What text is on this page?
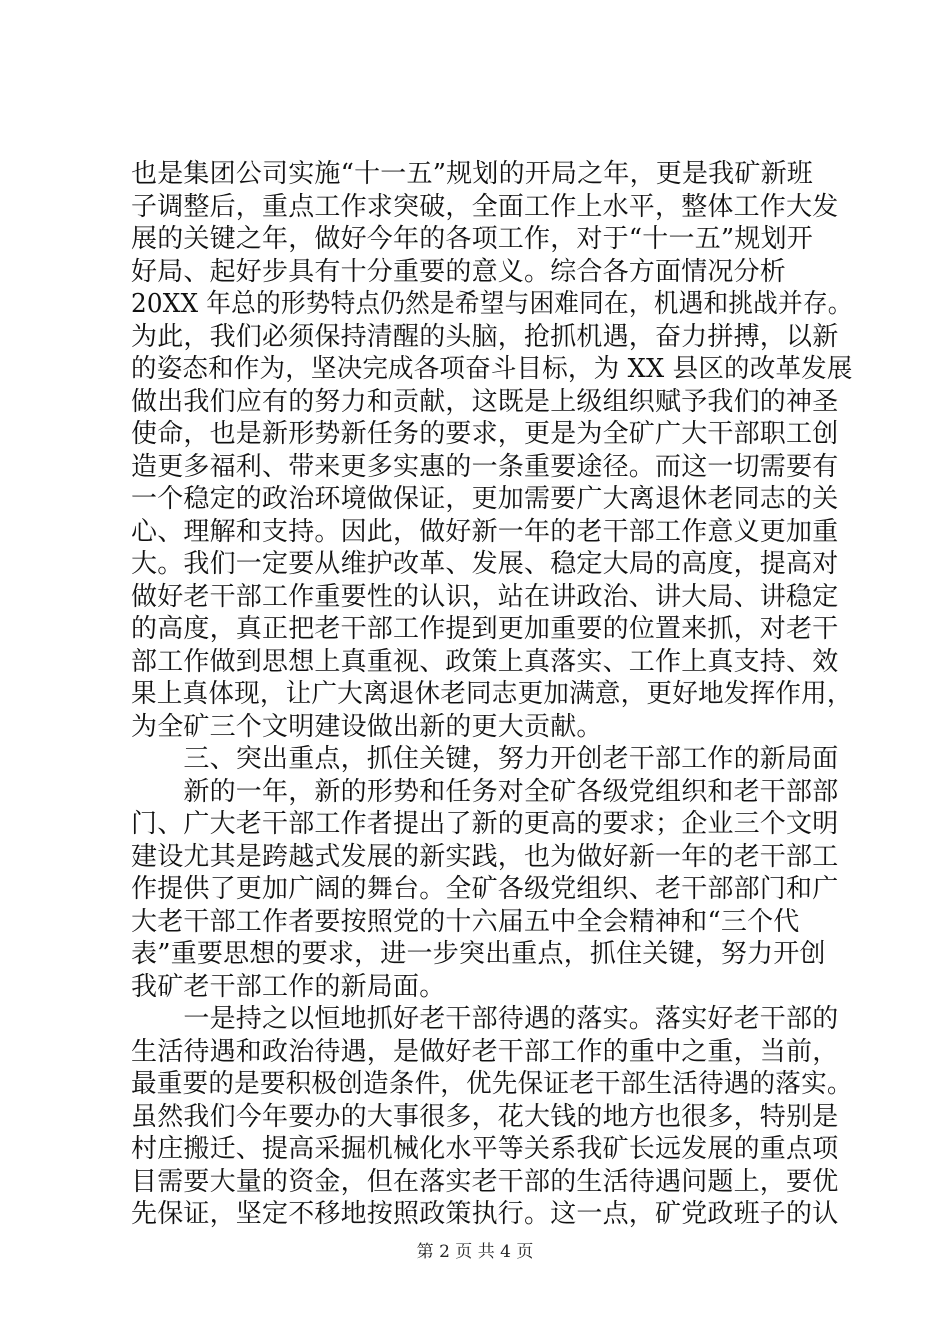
也是集团公司实施“十一五”规划的开局之年，更是我矿新班
子调整后，重点工作求突破，全面工作上水平，整体工作大发
展的关键之年，做好今年的各项工作，对于“十一五”规划开
好局、起好步具有十分重要的意义。综合各方面情况分析
20XX 年总的形势特点仍然是希望与困难同在，机遇和挑战并存。
为此，我们必须保持清醒的头脑，抢抓机遇，奋力拼搏，以新
的姿态和作为，坚决完成各项奋斗目标，为 XX 县区的改革发展
做出我们应有的努力和贡献，这既是上级组织赋予我们的神圣
使命，也是新形势新任务的要求，更是为全矿广大干部职工创
造更多福利、带来更多实惠的一条重要途径。而这一切需要有
一个稳定的政治环境做保证，更加需要广大离退休老同志的关
心、理解和支持。因此，做好新一年的老干部工作意义更加重
大。我们一定要从维护改革、发展、稳定大局的高度，提高对
做好老干部工作重要性的认识，站在讲政治、讲大局、讲稳定
的高度，真正把老干部工作提到更加重要的位置来抓，对老干
部工作做到思想上真重视、政策上真落实、工作上真支持、效
果上真体现，让广大离退休老同志更加满意，更好地发挥作用，
为全矿三个文明建设做出新的更大贡献。
　　三、突出重点，抓住关键，努力开创老干部工作的新局面
　　新的一年，新的形势和任务对全矿各级党组织和老干部部
门、广大老干部工作者提出了新的更高的要求；企业三个文明
建设尤其是跨越式发展的新实践，也为做好新一年的老干部工
作提供了更加广阔的舞台。全矿各级党组织、老干部部门和广
大老干部工作者要按照党的十六届五中全会精神和“三个代
表”重要思想的要求，进一步突出重点，抓住关键，努力开创
我矿老干部工作的新局面。
　　一是持之以恒地抓好老干部待遇的落实。落实好老干部的
生活待遇和政治待遇，是做好老干部工作的重中之重，当前，
最重要的是要积极创造条件，优先保证老干部生活待遇的落实。
虽然我们今年要办的大事很多，花大钱的地方也很多，特别是
村庄搬迁、提高采掘机械化水平等关系我矿长远发展的重点项
目需要大量的资金，但在落实老干部的生活待遇问题上，要优
先保证，坚定不移地按照政策执行。这一点，矿党政班子的认
第 2 页 共 4 页
